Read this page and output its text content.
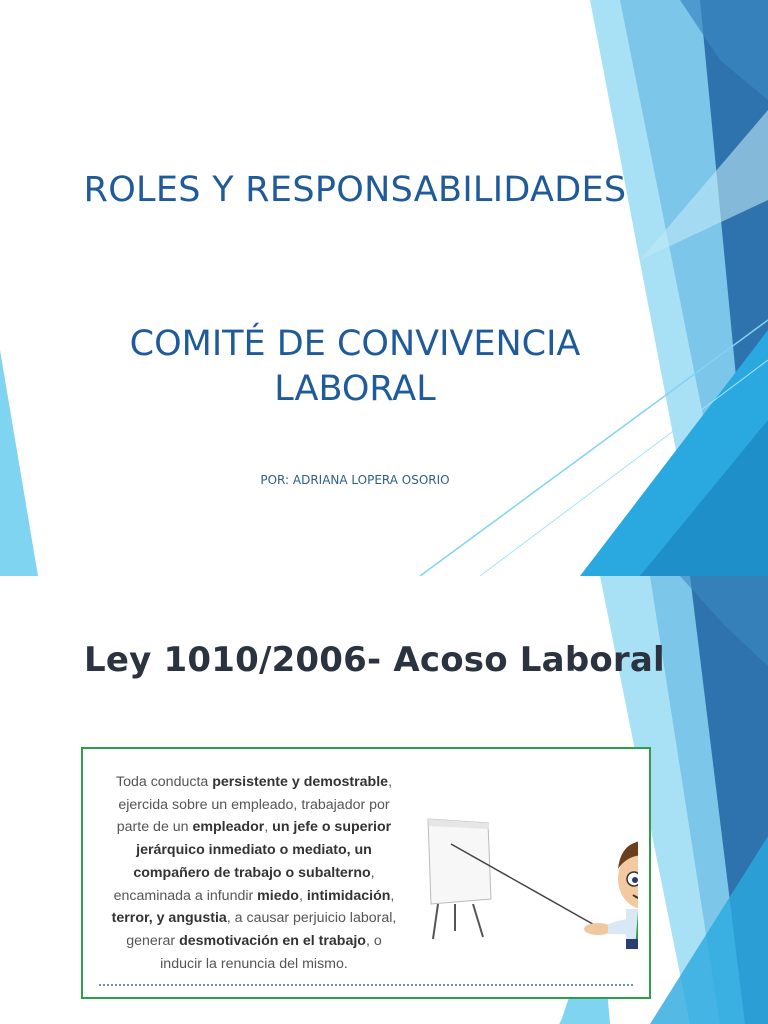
ROLES Y RESPONSABILIDADES
COMITÉ DE CONVIVENCIA
LABORAL
POR: ADRIANA LOPERA OSORIO
Ley 1010/2006- Acoso Laboral
Toda conducta persistente y demostrable,
ejercida sobre un empleado, trabajador por
parte de un empleador, un jefe o superior
jerárquico inmediato o mediato, un
compañero de trabajo o subalterno,
encaminada a infundir miedo, intimidación,
terror, y angustia, a causar perjuicio laboral,
generar desmotivación en el trabajo, o
inducir la renuncia del mismo.
